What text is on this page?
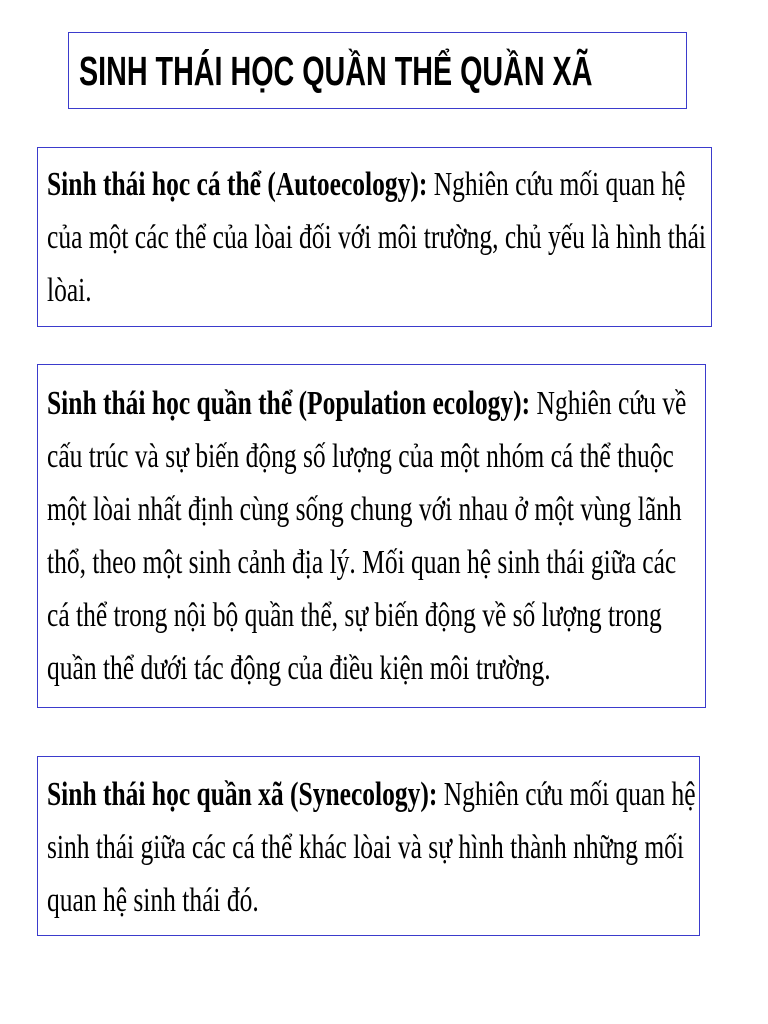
SINH THÁI HỌC QUẦN THỂ QUẦN XÃ

Sinh thái học cá thể (Autoecology): Nghiên cứu mối quan hệ của một các thể của lòai đối với môi trường, chủ yếu là hình thái lòai.

Sinh thái học quần thể (Population ecology): Nghiên cứu về cấu trúc và sự biến động số lượng của một nhóm cá thể thuộc một lòai nhất định cùng sống chung với nhau ở một vùng lãnh thổ, theo một sinh cảnh địa lý. Mối quan hệ sinh thái giữa các cá thể trong nội bộ quần thể, sự biến động về số lượng trong quần thể dưới tác động của điều kiện môi trường.

Sinh thái học quần xã (Synecology): Nghiên cứu mối quan hệ sinh thái giữa các cá thể khác lòai và sự hình thành những mối quan hệ sinh thái đó.
